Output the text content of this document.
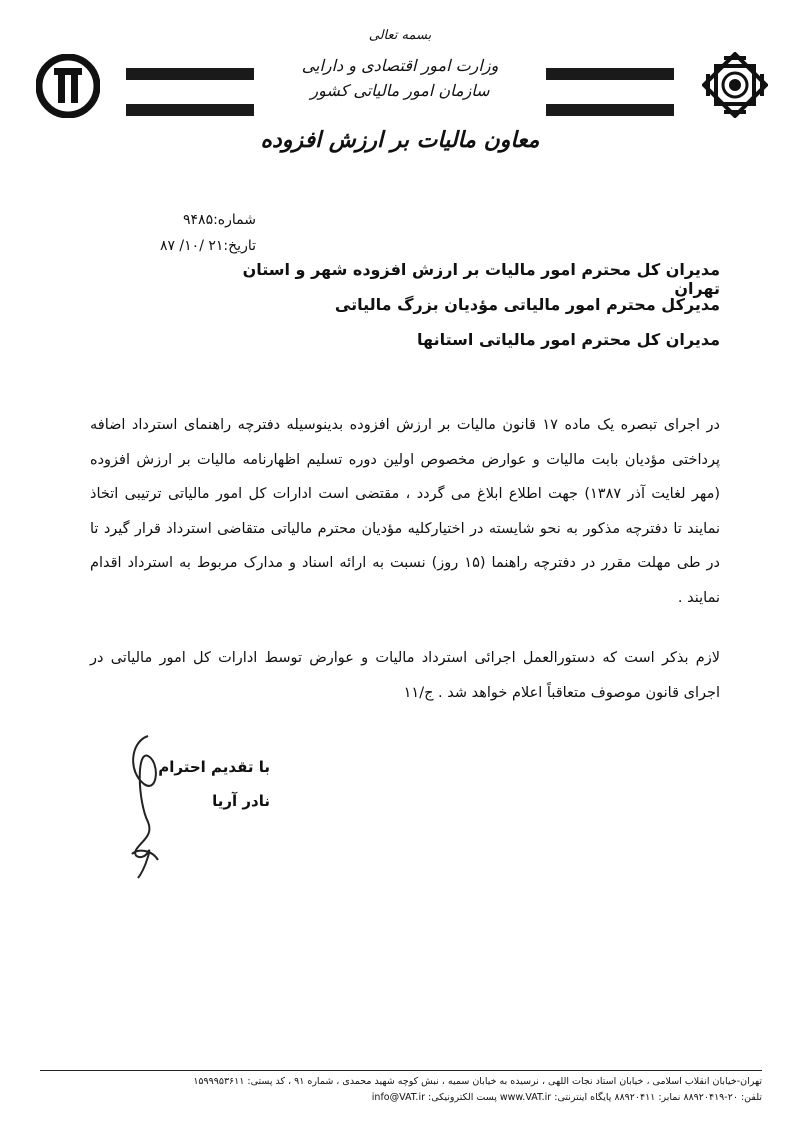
بسمه تعالی
وزارت امور اقتصادی و دارایی
سازمان امور مالیاتی کشور
معاون مالیات بر ارزش افزوده
شماره:۹۴۸۵
تاریخ:۲۱ /۱۰/ ۸۷
مدیران کل محترم امور مالیات بر ارزش افزوده شهر و استان تهران
مدیرکل محترم امور مالیاتی مؤدیان بزرگ مالیاتی
مدیران کل محترم امور مالیاتی استانها

در اجرای تبصره یک ماده ۱۷ قانون مالیات بر ارزش افزوده بدینوسیله دفترچه راهنمای استرداد اضافه پرداختی مؤدیان بابت مالیات و عوارض مخصوص اولین دوره تسلیم اظهارنامه مالیات بر ارزش افزوده (مهر لغایت آذر ۱۳۸۷) جهت اطلاع ابلاغ می گردد ، مقتضی است ادارات کل امور مالیاتی ترتیبی اتخاذ نمایند تا دفترچه مذکور به نحو شایسته در اختیارکلیه مؤدیان محترم مالیاتی متقاضی استرداد قرار گیرد تا در طی مهلت مقرر در دفترچه راهنما (۱۵ روز) نسبت به ارائه اسناد و مدارک مربوط به استرداد اقدام نمایند .

لازم بذکر است که دستورالعمل اجرائی استرداد مالیات و عوارض توسط ادارات کل امور مالیاتی در اجرای قانون موصوف متعاقباً اعلام خواهد شد . ج/۱۱

با تقدیم احترام
نادر آریا
تهران-خیابان انقلاب اسلامی ، خیابان استاد نجات اللهی ، نرسیده به خیابان سمیه ، نبش کوچه شهید محمدی ، شماره ۹۱ ، کد پستی: ۱۵۹۹۹۵۳۶۱۱
تلفن: ۲۰-۸۸۹۲۰۴۱۹ نمابر: ۸۸۹۲۰۴۱۱ پایگاه اینترنتی: www.VAT.ir پست الکترونیکی: info@VAT.ir
